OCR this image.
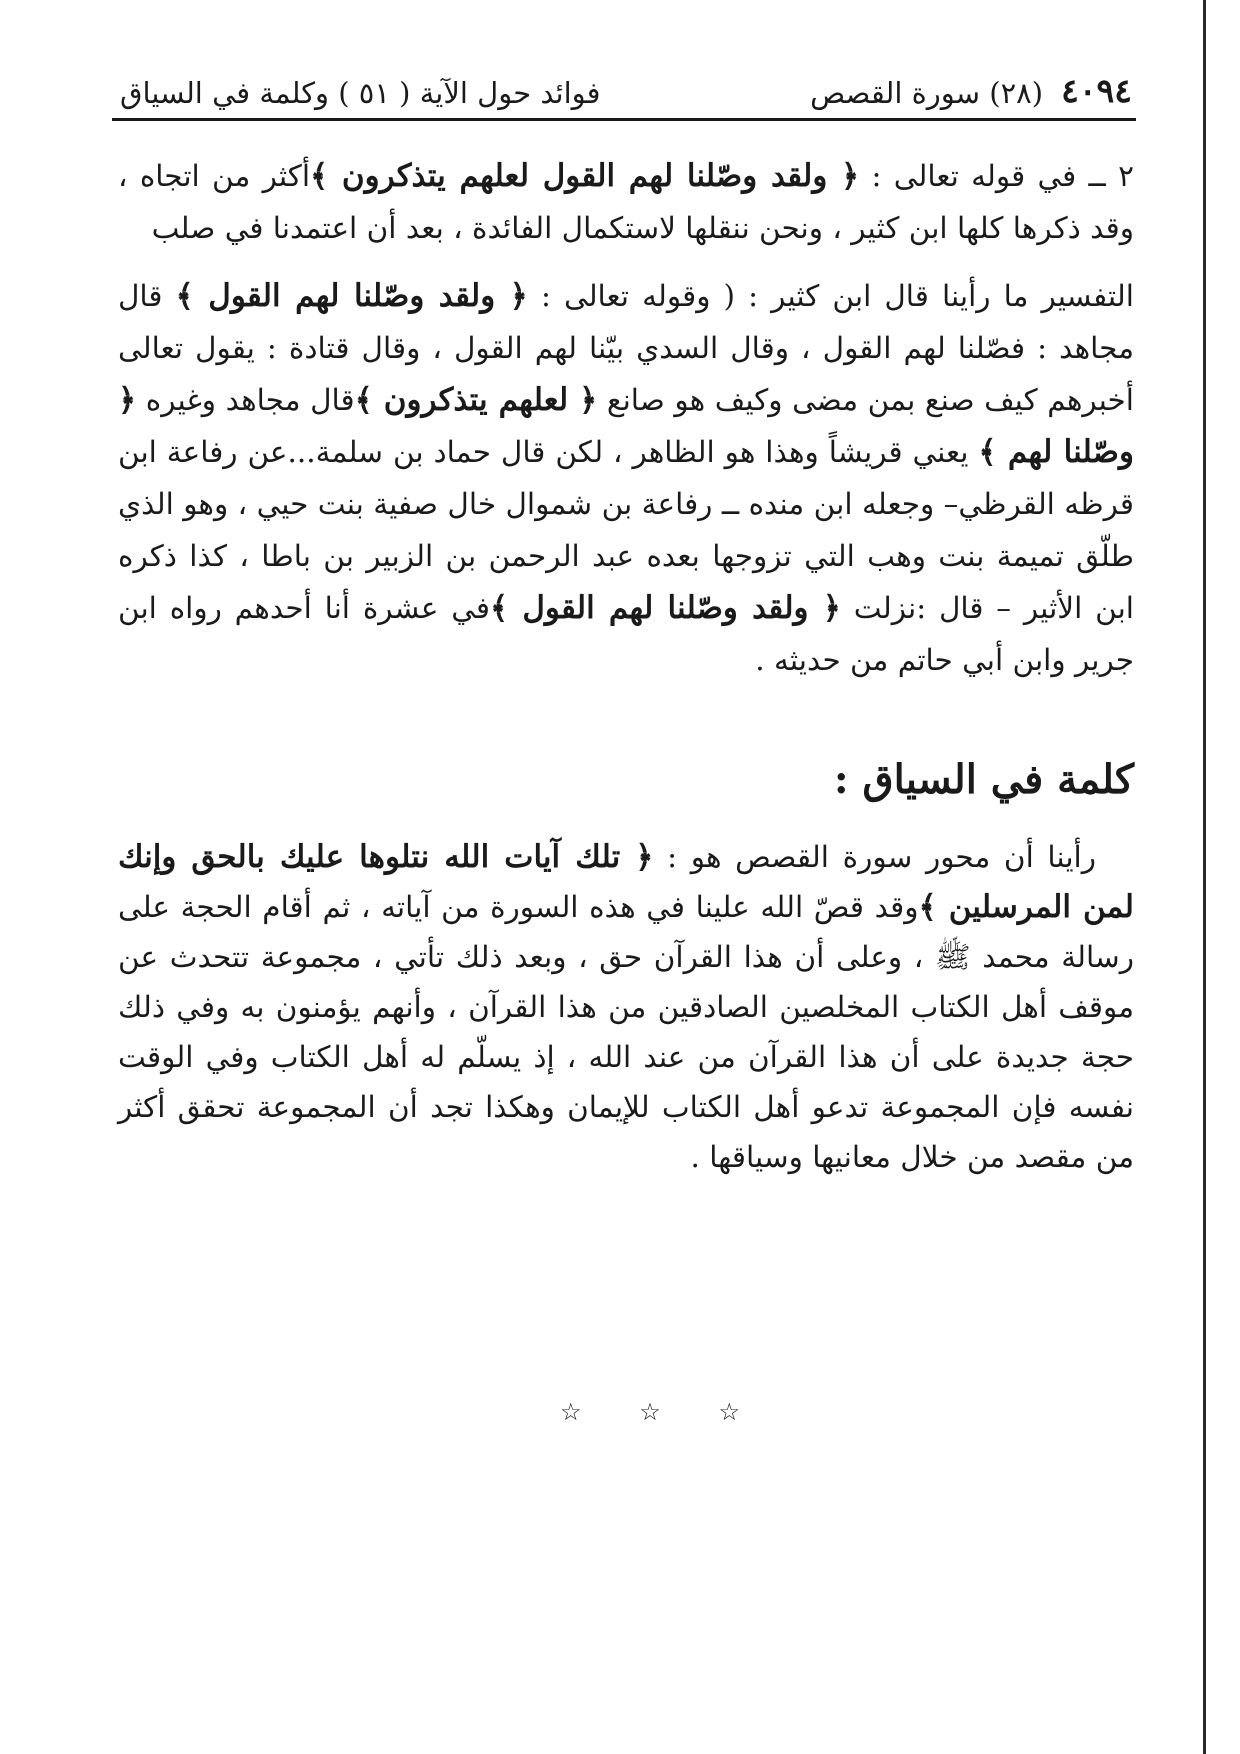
٤٠٩٤
(٢٨) سورة القصص
فوائد حول الآية ( ٥١ ) وكلمة في السياق

٢ ــ في قوله تعالى : ﴿ ولقد وصّلنا لهم القول لعلهم يتذكرون ﴾أكثر من اتجاه ، وقد ذكرها كلها ابن كثير ، ونحن ننقلها لاستكمال الفائدة ، بعد أن اعتمدنا في صلب

التفسير ما رأينا قال ابن كثير : ( وقوله تعالى : ﴿ ولقد وصّلنا لهم القول ﴾ قال مجاهد : فصّلنا لهم القول ، وقال السدي بيّنا لهم القول ، وقال قتادة : يقول تعالى أخبرهم كيف صنع بمن مضى وكيف هو صانع ﴿ لعلهم يتذكرون ﴾قال مجاهد وغيره ﴿ وصّلنا لهم ﴾ يعني قريشاً وهذا هو الظاهر ، لكن قال حماد بن سلمة...عن رفاعة ابن قرظه القرظي– وجعله ابن منده ــ رفاعة بن شموال خال صفية بنت حيي ، وهو الذي طلّق تميمة بنت وهب التي تزوجها بعده عبد الرحمن بن الزبير بن باطا ، كذا ذكره ابن الأثير – قال :نزلت ﴿ ولقد وصّلنا لهم القول ﴾في عشرة أنا أحدهم رواه ابن جرير وابن أبي حاتم من حديثه .

كلمة في السياق :

رأينا أن محور سورة القصص هو : ﴿ تلك آيات الله نتلوها عليك بالحق وإنك لمن المرسلين ﴾وقد قصّ الله علينا في هذه السورة من آياته ، ثم أقام الحجة على رسالة محمد ﷺ ، وعلى أن هذا القرآن حق ، وبعد ذلك تأتي ، مجموعة تتحدث عن موقف أهل الكتاب المخلصين الصادقين من هذا القرآن ، وأنهم يؤمنون به وفي ذلك حجة جديدة على أن هذا القرآن من عند الله ، إذ يسلّم له أهل الكتاب وفي الوقت نفسه فإن المجموعة تدعو أهل الكتاب للإيمان وهكذا تجد أن المجموعة تحقق أكثر من مقصد من خلال معانيها وسياقها .

☆
☆
☆
